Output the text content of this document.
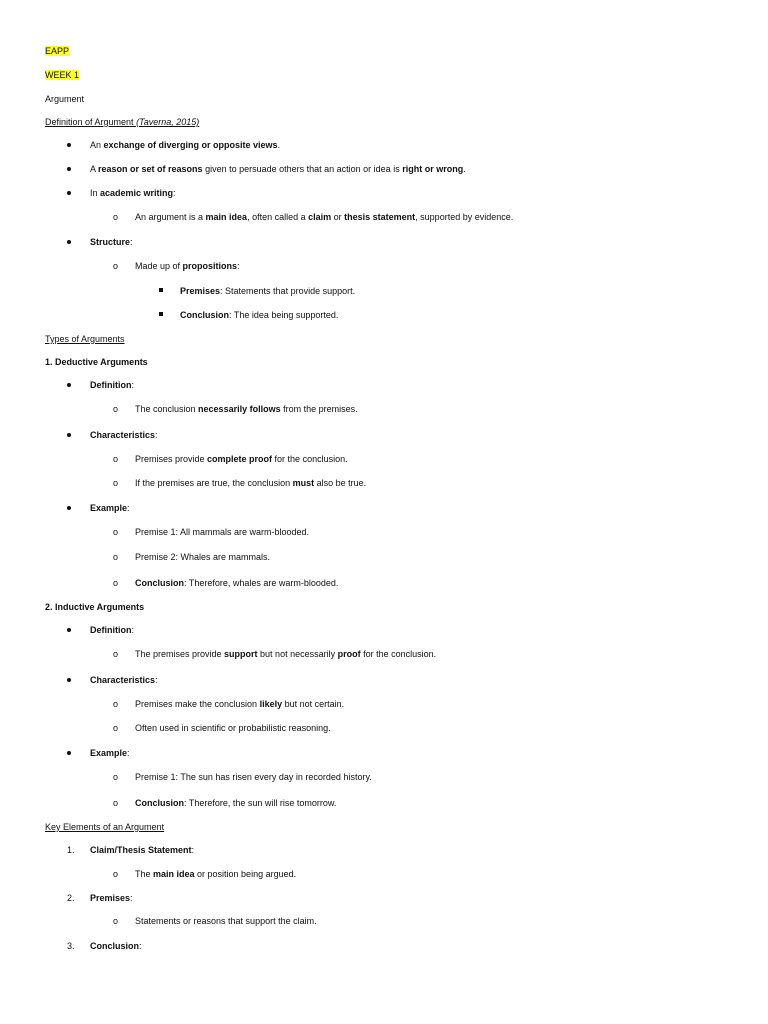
EAPP
WEEK 1
Argument
Definition of Argument (Taverna, 2015)
An exchange of diverging or opposite views.
A reason or set of reasons given to persuade others that an action or idea is right or wrong.
In academic writing:
o An argument is a main idea, often called a claim or thesis statement, supported by evidence.
Structure:
o Made up of propositions:
Premises: Statements that provide support.
Conclusion: The idea being supported.
Types of Arguments
1. Deductive Arguments
Definition:
o The conclusion necessarily follows from the premises.
Characteristics:
o Premises provide complete proof for the conclusion.
o If the premises are true, the conclusion must also be true.
Example:
o Premise 1: All mammals are warm-blooded.
o Premise 2: Whales are mammals.
o Conclusion: Therefore, whales are warm-blooded.
2. Inductive Arguments
Definition:
o The premises provide support but not necessarily proof for the conclusion.
Characteristics:
o Premises make the conclusion likely but not certain.
o Often used in scientific or probabilistic reasoning.
Example:
o Premise 1: The sun has risen every day in recorded history.
o Conclusion: Therefore, the sun will rise tomorrow.
Key Elements of an Argument
1. Claim/Thesis Statement:
o The main idea or position being argued.
2. Premises:
o Statements or reasons that support the claim.
3. Conclusion:
